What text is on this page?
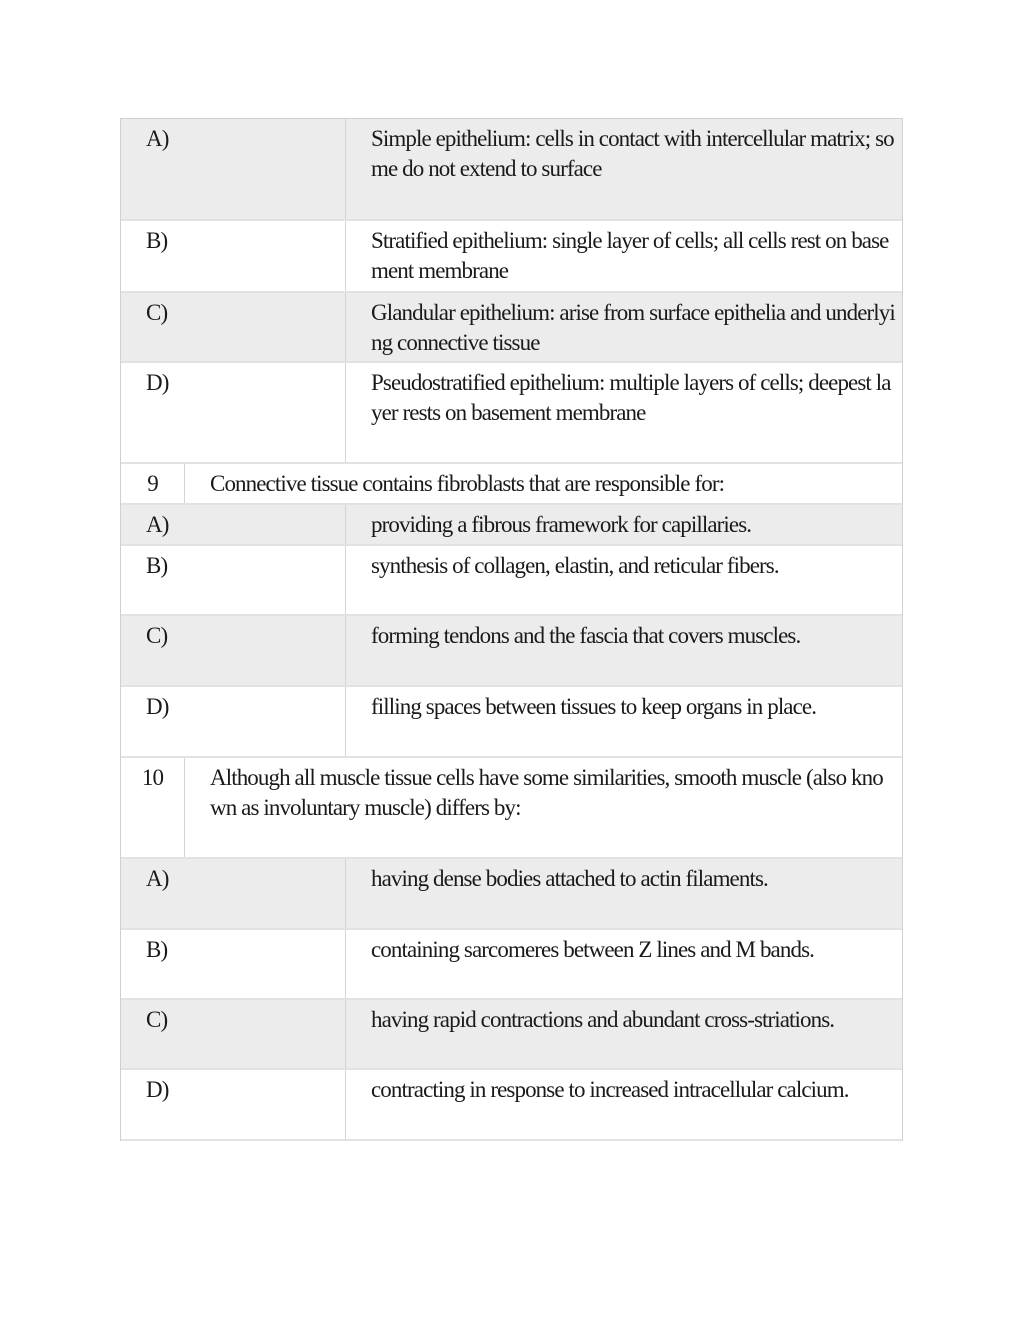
A)	Simple epithelium: cells in contact with intercellular matrix; some do not extend to surface
B)	Stratified epithelium: single layer of cells; all cells rest on basement membrane
C)	Glandular epithelium: arise from surface epithelia and underlying connective tissue
D)	Pseudostratified epithelium: multiple layers of cells; deepest layer rests on basement membrane
9	Connective tissue contains fibroblasts that are responsible for:
A)	providing a fibrous framework for capillaries.
B)	synthesis of collagen, elastin, and reticular fibers.
C)	forming tendons and the fascia that covers muscles.
D)	filling spaces between tissues to keep organs in place.
10	Although all muscle tissue cells have some similarities, smooth muscle (also known as involuntary muscle) differs by:
A)	having dense bodies attached to actin filaments.
B)	containing sarcomeres between Z lines and M bands.
C)	having rapid contractions and abundant cross-striations.
D)	contracting in response to increased intracellular calcium.
